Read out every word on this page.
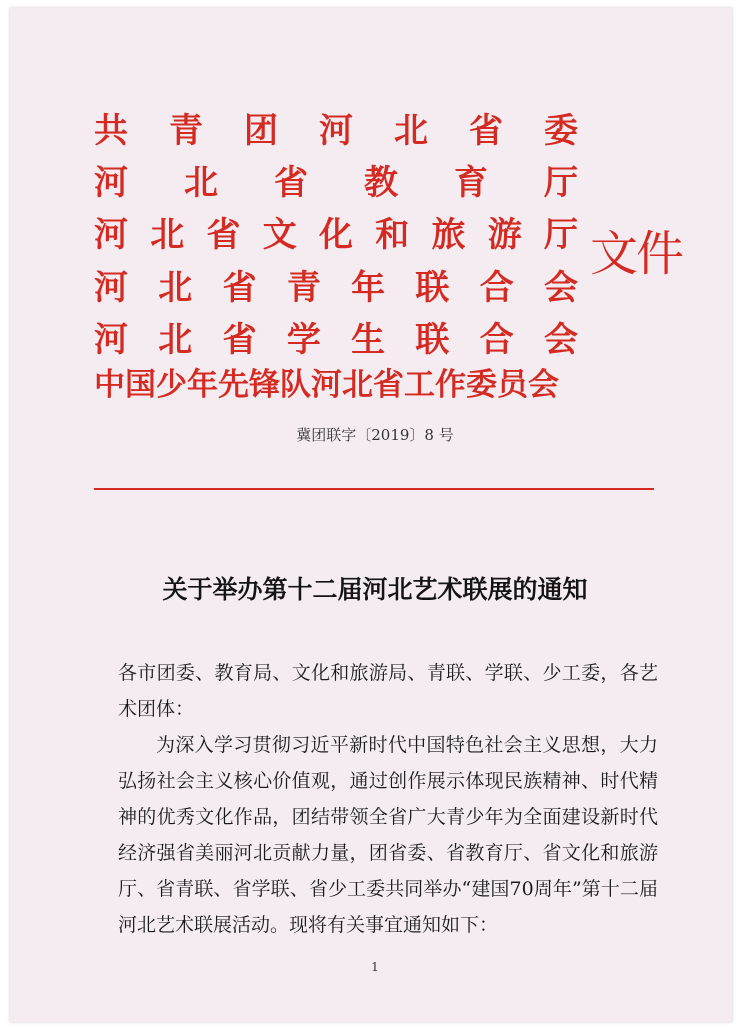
共 青 团 河 北 省 委
河 北 省 教 育 厅
河 北 省 文 化 和 旅 游 厅
河 北 省 青 年 联 合 会
河 北 省 学 生 联 合 会

中国少年先锋队河北省工作委员会

文件

冀团联字〔2019〕8 号

关于举办第十二届河北艺术联展的通知

各市团委、教育局、文化和旅游局、青联、学联、少工委，各艺术团体：

为深入学习贯彻习近平新时代中国特色社会主义思想，大力弘扬社会主义核心价值观，通过创作展示体现民族精神、时代精神的优秀文化作品，团结带领全省广大青少年为全面建设新时代经济强省美丽河北贡献力量，团省委、省教育厅、省文化和旅游厅、省青联、省学联、省少工委共同举办“建国70周年”第十二届河北艺术联展活动。现将有关事宜通知如下：

1
